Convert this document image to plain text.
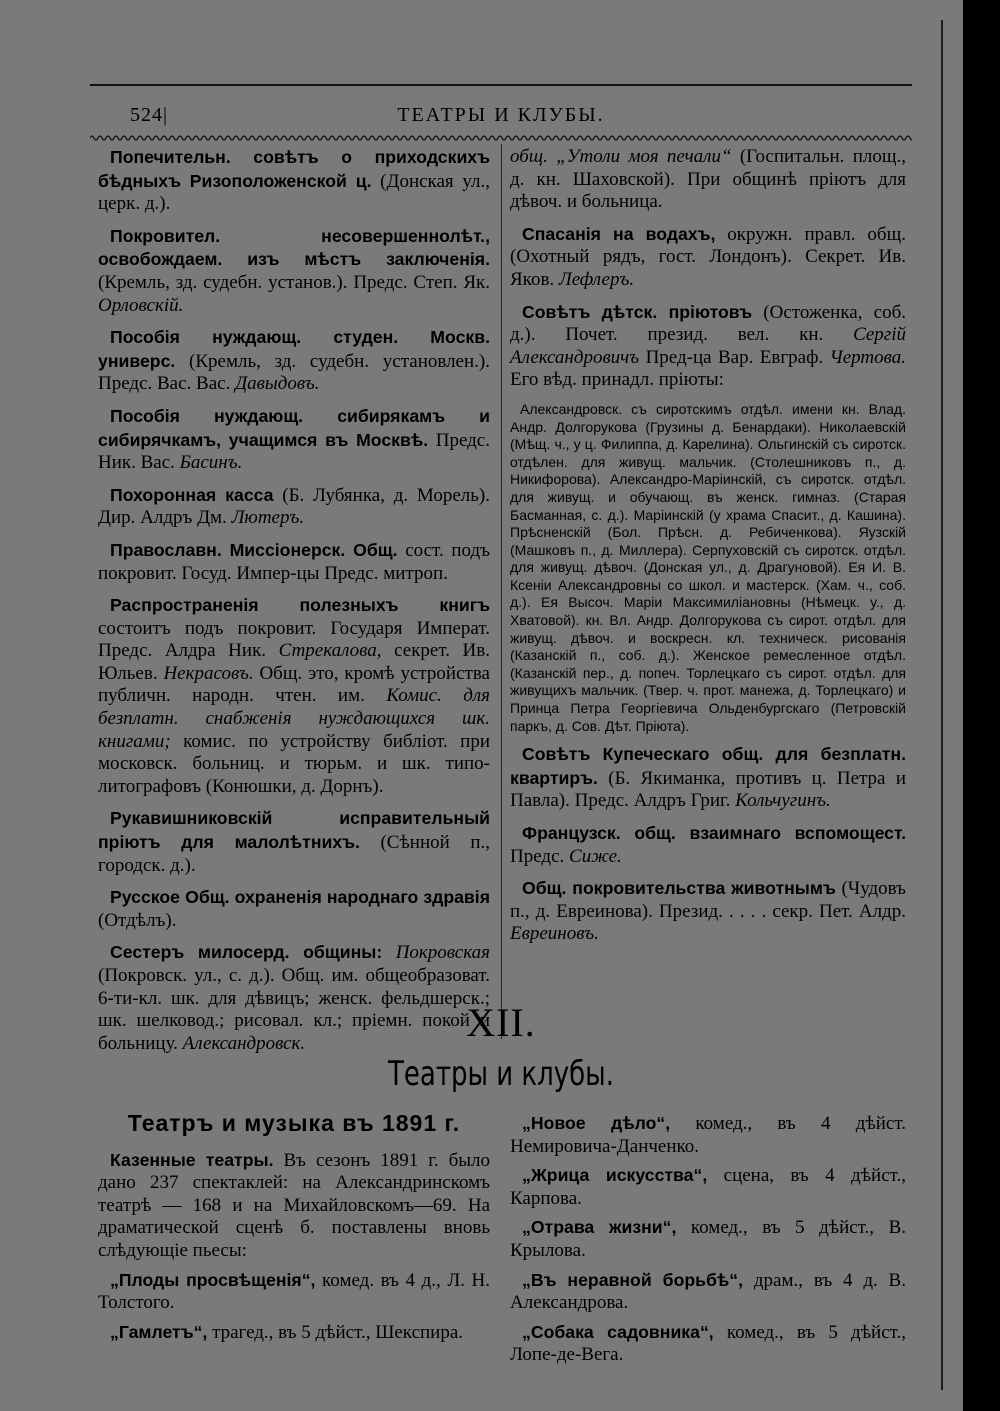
524|	ТЕАТРЫ И КЛУБЫ.

Попечительн. совѣтъ о приходскихъ бѣдныхъ Ризоположенской ц. (Донская ул., церк. д.).

Покровител. несовершеннолѣт., освобождаем. изъ мѣстъ заключенія. (Кремль, зд. судебн. установ.). Предс. Степ. Як. Орловскій.

Пособія нуждающ. студен. Москв. универс. (Кремль, зд. судебн. установлен.). Предс. Вас. Вас. Давыдовъ.

Пособія нуждающ. сибирякамъ и сибирячкамъ, учащимся въ Москвѣ. Предс. Ник. Вас. Басинъ.

Похоронная касса (Б. Лубянка, д. Морель). Дир. Алдръ Дм. Лютеръ.

Православн. Миссіонерск. Общ. сост. подъ покровит. Госуд. Импер-цы Предс. митроп.

Распространенія полезныхъ книгъ состоитъ подъ покровит. Государя Императ. Предс. Алдра Ник. Стрекалова, секрет. Ив. Юльев. Некрасовъ. Общ. это, кромѣ устройства публичн. народн. чтен. им. Комис. для безплатн. снабженія нуждающихся шк. книгами; комис. по устройству библіот. при московск. больниц. и тюрьм. и шк. типо-литографовъ (Конюшки, д. Дорнъ).

Рукавишниковскій исправительный пріютъ для малолѣтнихъ. (Сѣнной п., городск. д.).

Русское Общ. охраненія народнаго здравія (Отдѣлъ).

Сестеръ милосерд. общины: Покровская (Покровск. ул., с. д.). Общ. им. общеобразоват. 6-ти-кл. шк. для дѣвицъ; женск. фельдшерск.; шк. шелковод.; рисовал. кл.; пріемн. покой и больницу. Александровск.

общ. „Утоли моя печали“ (Госпитальн. площ., д. кн. Шаховской). При общинѣ пріютъ для дѣвоч. и больница.

Спасанія на водахъ, окружн. правл. общ. (Охотный рядъ, гост. Лондонъ). Секрет. Ив. Яков. Лефлеръ.

Совѣтъ дѣтск. пріютовъ (Остоженка, соб. д.). Почет. презид. вел. кн. Сергій Александровичъ Пред-ца Вар. Евграф. Чертова. Его вѣд. принадл. пріюты:

Александровск. съ сиротскимъ отдѣл. имени кн. Влад. Андр. Долгорукова (Грузины д. Бенардаки). Николаевскій (Мѣщ. ч., у ц. Филиппа, д. Карелина). Ольгинскій съ сиротск. отдѣлен. для живущ. мальчик. (Столешниковъ п., д. Никифорова). Александро-Маріинскій, съ сиротск. отдѣл. для живущ. и обучающ. въ женск. гимназ. (Старая Басманная, с. д.). Маріинскій (у храма Спасит., д. Кашина). Прѣсненскій (Бол. Прѣсн. д. Ребиченкова). Яузскій (Машковъ п., д. Миллера). Серпуховскій съ сиротск. отдѣл. для живущ. дѣвоч. (Донская ул., д. Драгуновой). Ея И. В. Ксеніи Александровны со школ. и мастерск. (Хам. ч., соб. д.). Ея Высоч. Маріи Максимиліановны (Нѣмецк. у., д. Хватовой). кн. Вл. Андр. Долгорукова съ сирот. отдѣл. для живущ. дѣвоч. и воскресн. кл. техническ. рисованія (Казанскій п., соб. д.). Женское ремесленное отдѣл. (Казанскій пер., д. попеч. Торлецкаго съ сирот. отдѣл. для живущихъ мальчик. (Твер. ч. прот. манежа, д. Торлецкаго) и Принца Петра Георгіевича Ольденбургскаго (Петровскій паркъ, д. Сов. Дѣт. Пріюта).

Совѣтъ Купеческаго общ. для безплатн. квартиръ. (Б. Якиманка, противъ ц. Петра и Павла). Предс. Алдръ Григ. Кольчугинъ.

Французск. общ. взаимнаго вспомощест. Предс. Сиже.

Общ. покровительства животнымъ (Чудовъ п., д. Евреинова). Презид. . . . . секр. Пет. Алдр. Евреиновъ.

XII.
Театры и клубы.
Театръ и музыка въ 1891 г.

Казенные театры. Въ сезонъ 1891 г. было дано 237 спектаклей: на Александринскомъ театрѣ — 168 и на Михайловскомъ—69. На драматической сценѣ б. поставлены вновь слѣдующіе пьесы:

„Плоды просвѣщенія“, комед. въ 4 д., Л. Н. Толстого.

„Гамлетъ“, трагед., въ 5 дѣйст., Шекспира.

„Новое дѣло“, комед., въ 4 дѣйст. Немировича-Данченко.

„Жрица искусства“, сцена, въ 4 дѣйст., Карпова.

„Отрава жизни“, комед., въ 5 дѣйст., В. Крылова.

„Въ неравной борьбѣ“, драм., въ 4 д. В. Александрова.

„Собака садовника“, комед., въ 5 дѣйст., Лопе-де-Вега.
